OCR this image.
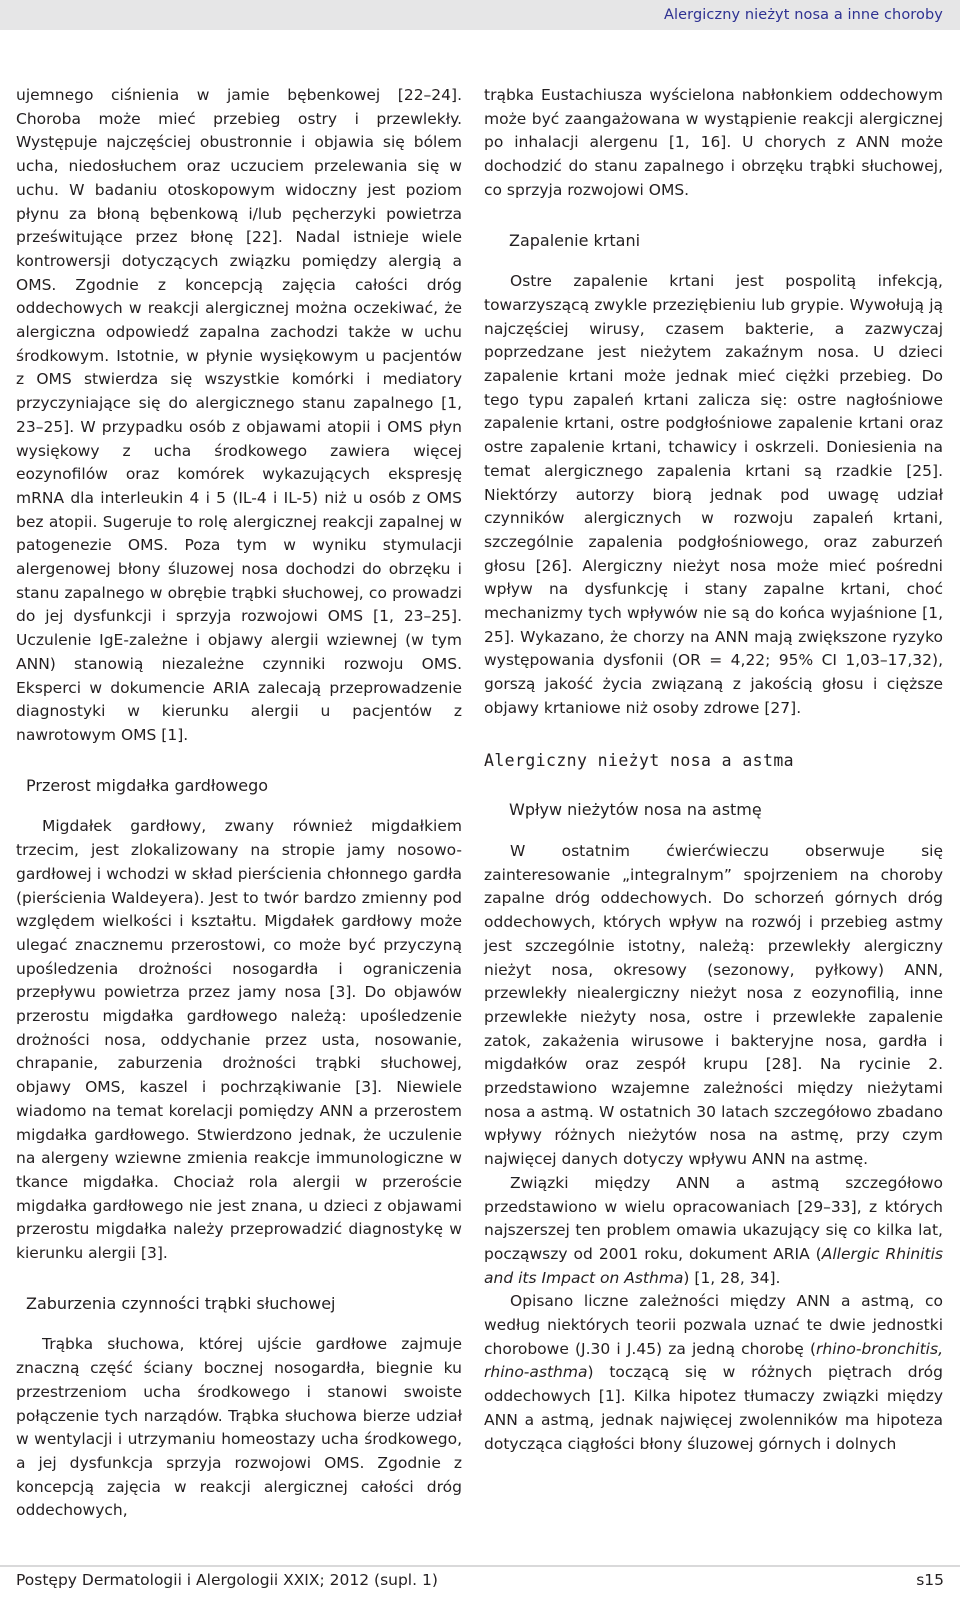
Alergiczny nieżyt nosa a inne choroby

ujemnego ciśnienia w jamie bębenkowej [22–24]. Choroba może mieć przebieg ostry i przewlekły. Występuje najczęściej obustronnie i objawia się bólem ucha, niedosłuchem oraz uczuciem przelewania się w uchu. W badaniu otoskopowym widoczny jest poziom płynu za błoną bębenkową i/lub pęcherzyki powietrza prześwitujące przez błonę [22]. Nadal istnieje wiele kontrowersji dotyczących związku pomiędzy alergią a OMS. Zgodnie z koncepcją zajęcia całości dróg oddechowych w reakcji alergicznej można oczekiwać, że alergiczna odpowiedź zapalna zachodzi także w uchu środkowym. Istotnie, w płynie wysiękowym u pacjentów z OMS stwierdza się wszystkie komórki i mediatory przyczyniające się do alergicznego stanu zapalnego [1, 23–25]. W przypadku osób z objawami atopii i OMS płyn wysiękowy z ucha środkowego zawiera więcej eozynofilów oraz komórek wykazujących ekspresję mRNA dla interleukin 4 i 5 (IL-4 i IL-5) niż u osób z OMS bez atopii. Sugeruje to rolę alergicznej reakcji zapalnej w patogenezie OMS. Poza tym w wyniku stymulacji alergenowej błony śluzowej nosa dochodzi do obrzęku i stanu zapalnego w obrębie trąbki słuchowej, co prowadzi do jej dysfunkcji i sprzyja rozwojowi OMS [1, 23–25]. Uczulenie IgE-zależne i objawy alergii wziewnej (w tym ANN) stanowią niezależne czynniki rozwoju OMS. Eksperci w dokumencie ARIA zalecają przeprowadzenie diagnostyki w kierunku alergii u pacjentów z nawrotowym OMS [1].

Przerost migdałka gardłowego

Migdałek gardłowy, zwany również migdałkiem trzecim, jest zlokalizowany na stropie jamy nosowo-gardłowej i wchodzi w skład pierścienia chłonnego gardła (pierścienia Waldeyera). Jest to twór bardzo zmienny pod względem wielkości i kształtu. Migdałek gardłowy może ulegać znacznemu przerostowi, co może być przyczyną upośledzenia drożności nosogardła i ograniczenia przepływu powietrza przez jamy nosa [3]. Do objawów przerostu migdałka gardłowego należą: upośledzenie drożności nosa, oddychanie przez usta, nosowanie, chrapanie, zaburzenia drożności trąbki słuchowej, objawy OMS, kaszel i pochrząkiwanie [3]. Niewiele wiadomo na temat korelacji pomiędzy ANN a przerostem migdałka gardłowego. Stwierdzono jednak, że uczulenie na alergeny wziewne zmienia reakcje immunologiczne w tkance migdałka. Chociaż rola alergii w przeroście migdałka gardłowego nie jest znana, u dzieci z objawami przerostu migdałka należy przeprowadzić diagnostykę w kierunku alergii [3].

Zaburzenia czynności trąbki słuchowej

Trąbka słuchowa, której ujście gardłowe zajmuje znaczną część ściany bocznej nosogardła, biegnie ku przestrzeniom ucha środkowego i stanowi swoiste połączenie tych narządów. Trąbka słuchowa bierze udział w wentylacji i utrzymaniu homeostazy ucha środkowego, a jej dysfunkcja sprzyja rozwojowi OMS. Zgodnie z koncepcją zajęcia w reakcji alergicznej całości dróg oddechowych,

trąbka Eustachiusza wyścielona nabłonkiem oddechowym może być zaangażowana w wystąpienie reakcji alergicznej po inhalacji alergenu [1, 16]. U chorych z ANN może dochodzić do stanu zapalnego i obrzęku trąbki słuchowej, co sprzyja rozwojowi OMS.

Zapalenie krtani

Ostre zapalenie krtani jest pospolitą infekcją, towarzyszącą zwykle przeziębieniu lub grypie. Wywołują ją najczęściej wirusy, czasem bakterie, a zazwyczaj poprzedzane jest nieżytem zakaźnym nosa. U dzieci zapalenie krtani może jednak mieć ciężki przebieg. Do tego typu zapaleń krtani zalicza się: ostre nagłośniowe zapalenie krtani, ostre podgłośniowe zapalenie krtani oraz ostre zapalenie krtani, tchawicy i oskrzeli. Doniesienia na temat alergicznego zapalenia krtani są rzadkie [25]. Niektórzy autorzy biorą jednak pod uwagę udział czynników alergicznych w rozwoju zapaleń krtani, szczególnie zapalenia podgłośniowego, oraz zaburzeń głosu [26]. Alergiczny nieżyt nosa może mieć pośredni wpływ na dysfunkcję i stany zapalne krtani, choć mechanizmy tych wpływów nie są do końca wyjaśnione [1, 25]. Wykazano, że chorzy na ANN mają zwiększone ryzyko występowania dysfonii (OR = 4,22; 95% CI 1,03–17,32), gorszą jakość życia związaną z jakością głosu i cięższe objawy krtaniowe niż osoby zdrowe [27].

Alergiczny nieżyt nosa a astma
Wpływ nieżytów nosa na astmę

W ostatnim ćwierćwieczu obserwuje się zainteresowanie „integralnym” spojrzeniem na choroby zapalne dróg oddechowych. Do schorzeń górnych dróg oddechowych, których wpływ na rozwój i przebieg astmy jest szczególnie istotny, należą: przewlekły alergiczny nieżyt nosa, okresowy (sezonowy, pyłkowy) ANN, przewlekły niealergiczny nieżyt nosa z eozynofilią, inne przewlekłe nieżyty nosa, ostre i przewlekłe zapalenie zatok, zakażenia wirusowe i bakteryjne nosa, gardła i migdałków oraz zespół krupu [28]. Na rycinie 2. przedstawiono wzajemne zależności między nieżytami nosa a astmą. W ostatnich 30 latach szczegółowo zbadano wpływy różnych nieżytów nosa na astmę, przy czym najwięcej danych dotyczy wpływu ANN na astmę.

Związki między ANN a astmą szczegółowo przedstawiono w wielu opracowaniach [29–33], z których najszerszej ten problem omawia ukazujący się co kilka lat, począwszy od 2001 roku, dokument ARIA (Allergic Rhinitis and its Impact on Asthma) [1, 28, 34].

Opisano liczne zależności między ANN a astmą, co według niektórych teorii pozwala uznać te dwie jednostki chorobowe (J.30 i J.45) za jedną chorobę (rhino-bronchitis, rhino-asthma) toczącą się w różnych piętrach dróg oddechowych [1]. Kilka hipotez tłumaczy związki między ANN a astmą, jednak najwięcej zwolenników ma hipoteza dotycząca ciągłości błony śluzowej górnych i dolnych

Postępy Dermatologii i Alergologii XXIX; 2012 (supl. 1)	s15
